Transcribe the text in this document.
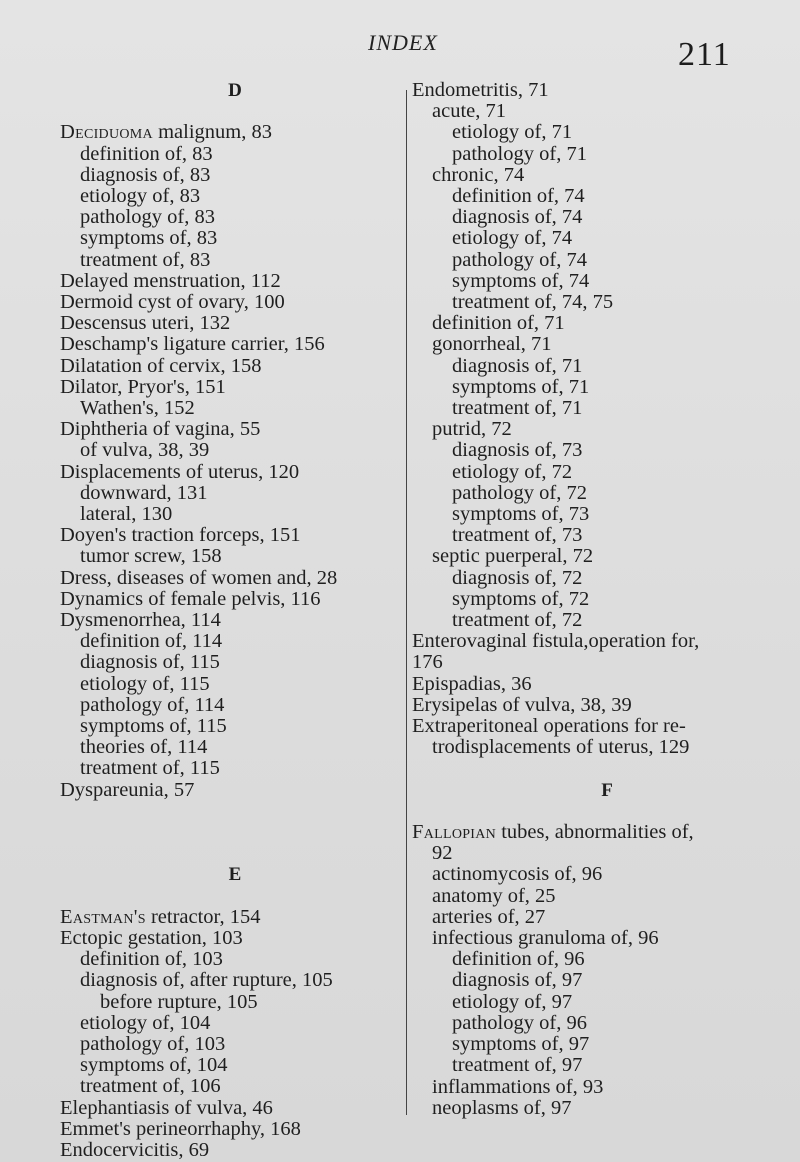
INDEX	211
D
Deciduoma malignum, 83
definition of, 83
diagnosis of, 83
etiology of, 83
pathology of, 83
symptoms of, 83
treatment of, 83
Delayed menstruation, 112
Dermoid cyst of ovary, 100
Descensus uteri, 132
Deschamp's ligature carrier, 156
Dilatation of cervix, 158
Dilator, Pryor's, 151
Wathen's, 152
Diphtheria of vagina, 55
of vulva, 38, 39
Displacements of uterus, 120
downward, 131
lateral, 130
Doyen's traction forceps, 151
tumor screw, 158
Dress, diseases of women and, 28
Dynamics of female pelvis, 116
Dysmenorrhea, 114
definition of, 114
diagnosis of, 115
etiology of, 115
pathology of, 114
symptoms of, 115
theories of, 114
treatment of, 115
Dyspareunia, 57
E
Eastman's retractor, 154
Ectopic gestation, 103
definition of, 103
diagnosis of, after rupture, 105
before rupture, 105
etiology of, 104
pathology of, 103
symptoms of, 104
treatment of, 106
Elephantiasis of vulva, 46
Emmet's perineorrhaphy, 168
Endocervicitis, 69
Endometritis, 71
acute, 71
etiology of, 71
pathology of, 71
chronic, 74
definition of, 74
diagnosis of, 74
etiology of, 74
pathology of, 74
symptoms of, 74
treatment of, 74, 75
definition of, 71
gonorrheal, 71
diagnosis of, 71
symptoms of, 71
treatment of, 71
putrid, 72
diagnosis of, 73
etiology of, 72
pathology of, 72
symptoms of, 73
treatment of, 73
septic puerperal, 72
diagnosis of, 72
symptoms of, 72
treatment of, 72
Enterovaginal fistula,operation for,
176
Epispadias, 36
Erysipelas of vulva, 38, 39
Extraperitoneal operations for re-
trodisplacements of uterus, 129
F
Fallopian tubes, abnormalities of,
92
actinomycosis of, 96
anatomy of, 25
arteries of, 27
infectious granuloma of, 96
definition of, 96
diagnosis of, 97
etiology of, 97
pathology of, 96
symptoms of, 97
treatment of, 97
inflammations of, 93
neoplasms of, 97
